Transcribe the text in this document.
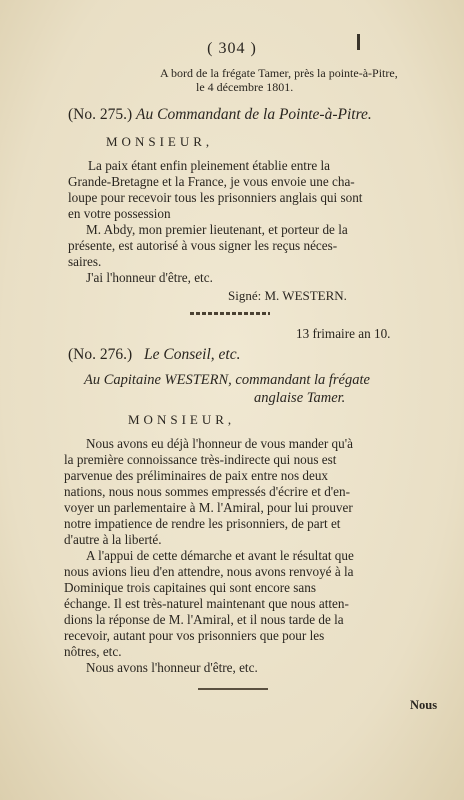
( 304 )
A bord de la frégate Tamer, près la pointe-à-Pitre,
le 4 décembre 1801.
(No. 275.) Au Commandant de la Pointe-à-Pitre.
MONSIEUR,
La paix étant enfin pleinement établie entre la
Grande-Bretagne et la France, je vous envoie une cha-
loupe pour recevoir tous les prisonniers anglais qui sont
en votre possession
M. Abdy, mon premier lieutenant, et porteur de la
présente, est autorisé à vous signer les reçus néces-
saires.
J'ai l'honneur d'être, etc.
Signé: M. WESTERN.
13 frimaire an 10.
(No. 276.) Le Conseil, etc.
Au Capitaine WESTERN, commandant la frégate
anglaise Tamer.
MONSIEUR,
Nous avons eu déjà l'honneur de vous mander qu'à
la première connoissance très-indirecte qui nous est
parvenue des préliminaires de paix entre nos deux
nations, nous nous sommes empressés d'écrire et d'en-
voyer un parlementaire à M. l'Amiral, pour lui prouver
notre impatience de rendre les prisonniers, de part et
d'autre à la liberté.
A l'appui de cette démarche et avant le résultat que
nous avions lieu d'en attendre, nous avons renvoyé à la
Dominique trois capitaines qui sont encore sans
échange. Il est très-naturel maintenant que nous atten-
dions la réponse de M. l'Amiral, et il nous tarde de la
recevoir, autant pour vos prisonniers que pour les
nôtres, etc.
Nous avons l'honneur d'être, etc.
Nous
